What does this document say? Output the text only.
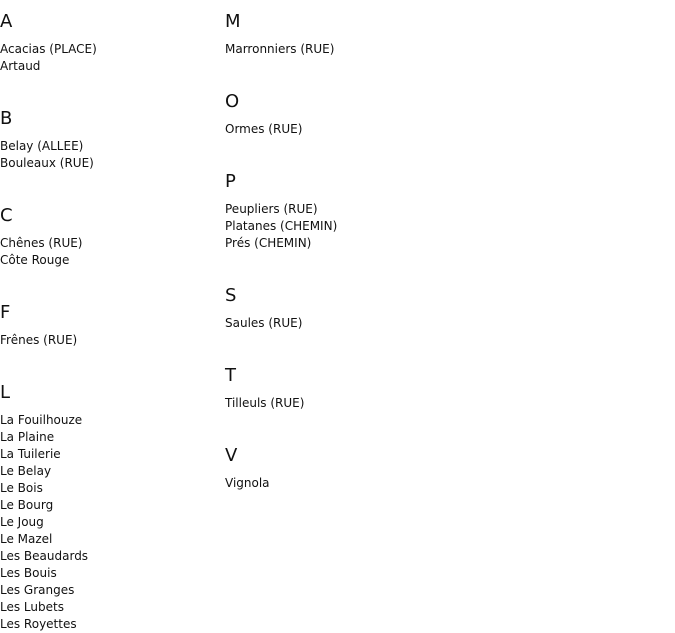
A
Acacias (PLACE)
Artaud
B
Belay (ALLEE)
Bouleaux (RUE)
C
Chênes (RUE)
Côte Rouge
F
Frênes (RUE)
L
La Fouilhouze
La Plaine
La Tuilerie
Le Belay
Le Bois
Le Bourg
Le Joug
Le Mazel
Les Beaudards
Les Bouis
Les Granges
Les Lubets
Les Royettes
M
Marronniers (RUE)
O
Ormes (RUE)
P
Peupliers (RUE)
Platanes (CHEMIN)
Prés (CHEMIN)
S
Saules (RUE)
T
Tilleuls (RUE)
V
Vignola
